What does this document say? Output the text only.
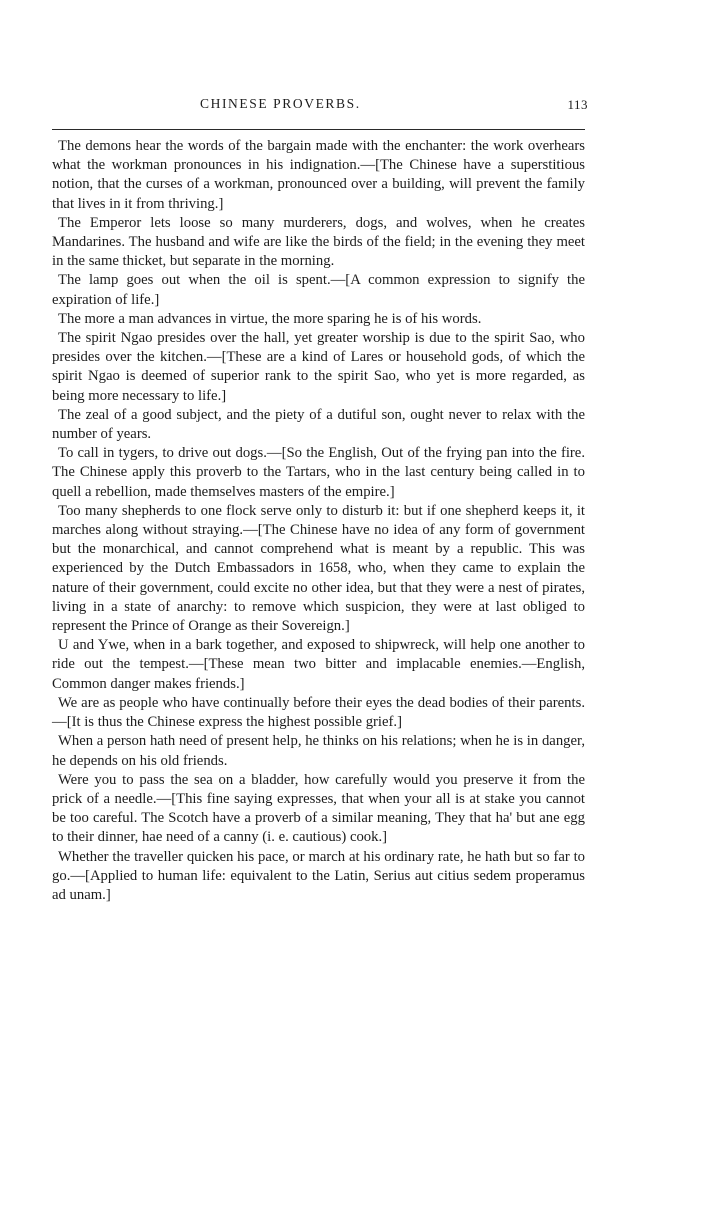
CHINESE PROVERBS.	113

The demons hear the words of the bargain made with the enchanter: the work overhears what the workman pronounces in his indignation.—[The Chinese have a superstitious notion, that the curses of a workman, pronounced over a building, will prevent the family that lives in it from thriving.]

The Emperor lets loose so many murderers, dogs, and wolves, when he creates Mandarines. The husband and wife are like the birds of the field; in the evening they meet in the same thicket, but separate in the morning.

The lamp goes out when the oil is spent.—[A common expression to signify the expiration of life.]

The more a man advances in virtue, the more sparing he is of his words.

The spirit Ngao presides over the hall, yet greater worship is due to the spirit Sao, who presides over the kitchen.—[These are a kind of Lares or household gods, of which the spirit Ngao is deemed of superior rank to the spirit Sao, who yet is more regarded, as being more necessary to life.]

The zeal of a good subject, and the piety of a dutiful son, ought never to relax with the number of years.

To call in tygers, to drive out dogs.—[So the English, Out of the frying pan into the fire. The Chinese apply this proverb to the Tartars, who in the last century being called in to quell a rebellion, made themselves masters of the empire.]

Too many shepherds to one flock serve only to disturb it: but if one shepherd keeps it, it marches along without straying.—[The Chinese have no idea of any form of government but the monarchical, and cannot comprehend what is meant by a republic. This was experienced by the Dutch Embassadors in 1658, who, when they came to explain the nature of their government, could excite no other idea, but that they were a nest of pirates, living in a state of anarchy: to remove which suspicion, they were at last obliged to represent the Prince of Orange as their Sovereign.]

U and Ywe, when in a bark together, and exposed to shipwreck, will help one another to ride out the tempest.—[These mean two bitter and implacable enemies.—English, Common danger makes friends.]

We are as people who have continually before their eyes the dead bodies of their parents.—[It is thus the Chinese express the highest possible grief.]

When a person hath need of present help, he thinks on his relations; when he is in danger, he depends on his old friends.

Were you to pass the sea on a bladder, how carefully would you preserve it from the prick of a needle.—[This fine saying expresses, that when your all is at stake you cannot be too careful. The Scotch have a proverb of a similar meaning, They that ha' but ane egg to their dinner, hae need of a canny (i. e. cautious) cook.]

Whether the traveller quicken his pace, or march at his ordinary rate, he hath but so far to go.—[Applied to human life: equivalent to the Latin, Serius aut citius sedem properamus ad unam.]
